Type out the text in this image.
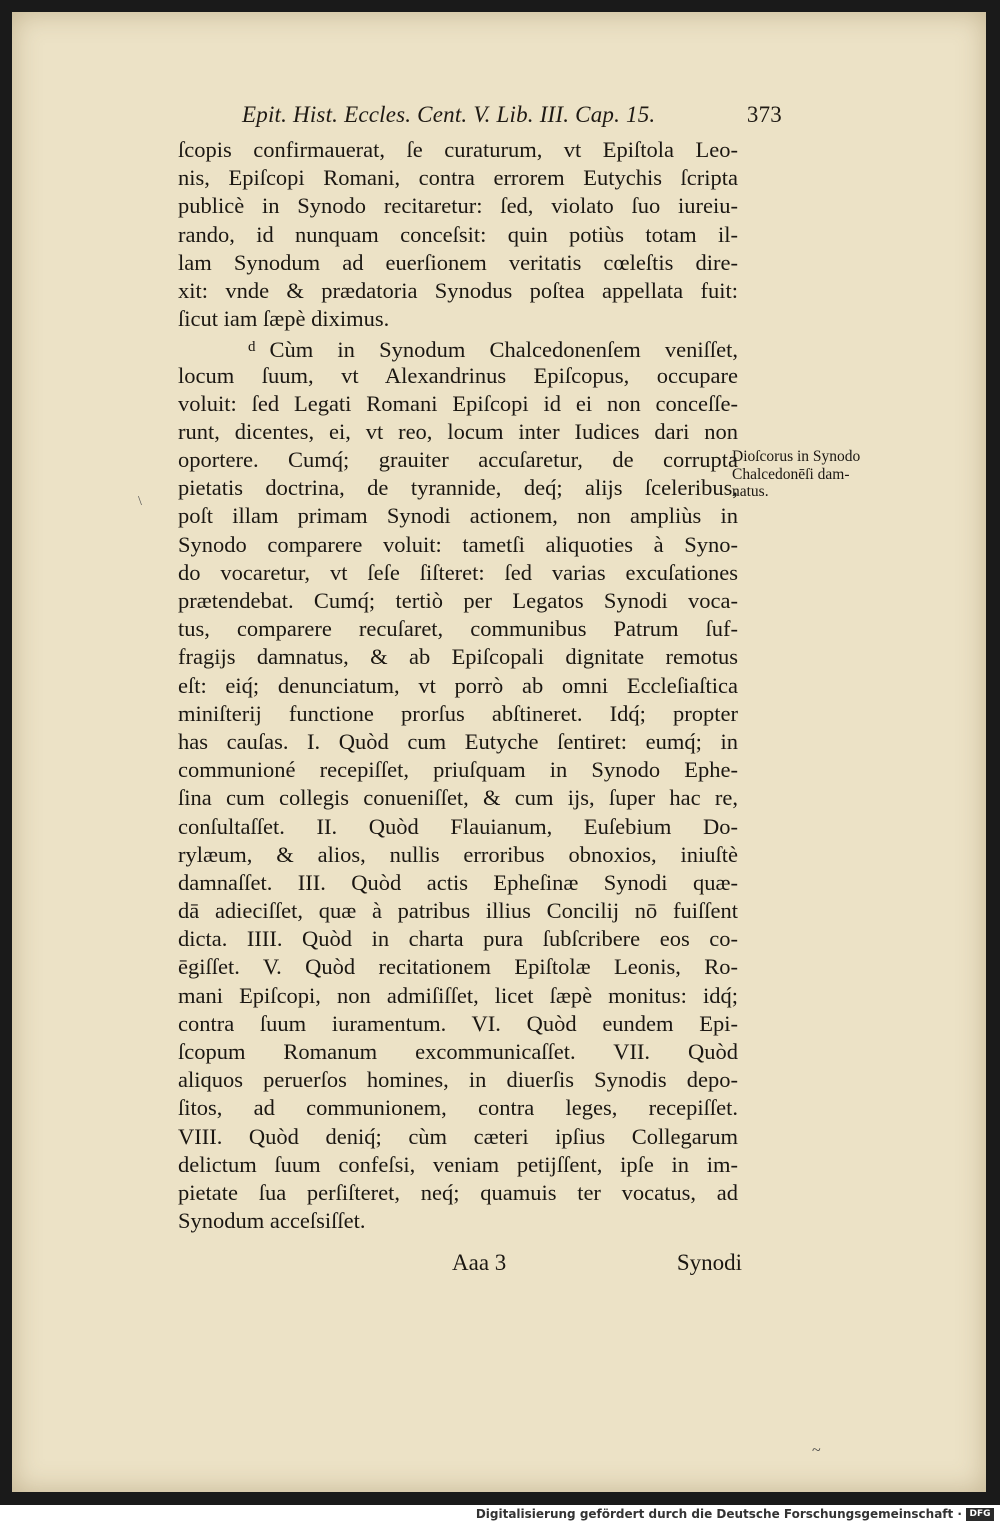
Epit. Hist. Eccles. Cent. V. Lib. III. Cap. 15.	373
ſcopis confirmauerat, ſe curaturum, vt Epiſtola Leo-
nis, Epiſcopi Romani, contra errorem Eutychis ſcripta
publicè in Synodo recitaretur: ſed, violato ſuo iureiu-
rando, id nunquam conceſsit: quin potiùs totam il-
lam Synodum ad euerſionem veritatis cœleſtis dire-
xit: vnde & prædatoria Synodus poſtea appellata fuit:
ſicut iam ſæpè diximus.
$^d$ Cùm in Synodum Chalcedonenſem veniſſet,
locum ſuum, vt Alexandrinus Epiſcopus, occupare
voluit: ſed Legati Romani Epiſcopi id ei non conceſſe-
runt, dicentes, ei, vt reo, locum inter Iudices dari non
oportere. Cumq́; grauiter accuſaretur, de corrupta
pietatis doctrina, de tyrannide, deq́; alijs ſceleribus,
poſt illam primam Synodi actionem, non ampliùs in
Synodo comparere voluit: tametſi aliquoties à Syno-
do vocaretur, vt ſeſe ſiſteret: ſed varias excuſationes
prætendebat. Cumq́; tertiò per Legatos Synodi voca-
tus, comparere recuſaret, communibus Patrum ſuf-
fragijs damnatus, & ab Epiſcopali dignitate remotus
eſt: eiq́; denunciatum, vt porrò ab omni Eccleſiaſtica
miniſterij functione prorſus abſtineret. Idq́; propter
has cauſas. I. Quòd cum Eutyche ſentiret: eumq́; in
communioné recepiſſet, priuſquam in Synodo Ephe-
ſina cum collegis conueniſſet, & cum ijs, ſuper hac re,
conſultaſſet. II. Quòd Flauianum, Euſebium Do-
rylæum, & alios, nullis erroribus obnoxios, iniuſtè
damnaſſet. III. Quòd actis Epheſinæ Synodi quæ-
dā adieciſſet, quæ à patribus illius Concilij nō fuiſſent
dicta. IIII. Quòd in charta pura ſubſcribere eos co-
ēgiſſet. V. Quòd recitationem Epiſtolæ Leonis, Ro-
mani Epiſcopi, non admiſiſſet, licet ſæpè monitus: idq́;
contra ſuum iuramentum. VI. Quòd eundem Epi-
ſcopum Romanum excommunicaſſet. VII. Quòd
aliquos peruerſos homines, in diuerſis Synodis depo-
ſitos, ad communionem, contra leges, recepiſſet.
VIII. Quòd deniq́; cùm cæteri ipſius Collegarum
delictum ſuum confeſsi, veniam petijſſent, ipſe in im-
pietate ſua perſiſteret, neq́; quamuis ter vocatus, ad
Synodum acceſsiſſet.
Dioſcorus in Synodo
Chalcedonēſi dam-
natus.
Aaa 3	Synodi
\
~
Digitalisierung gefördert durch die Deutsche Forschungsgemeinschaft · DFG
